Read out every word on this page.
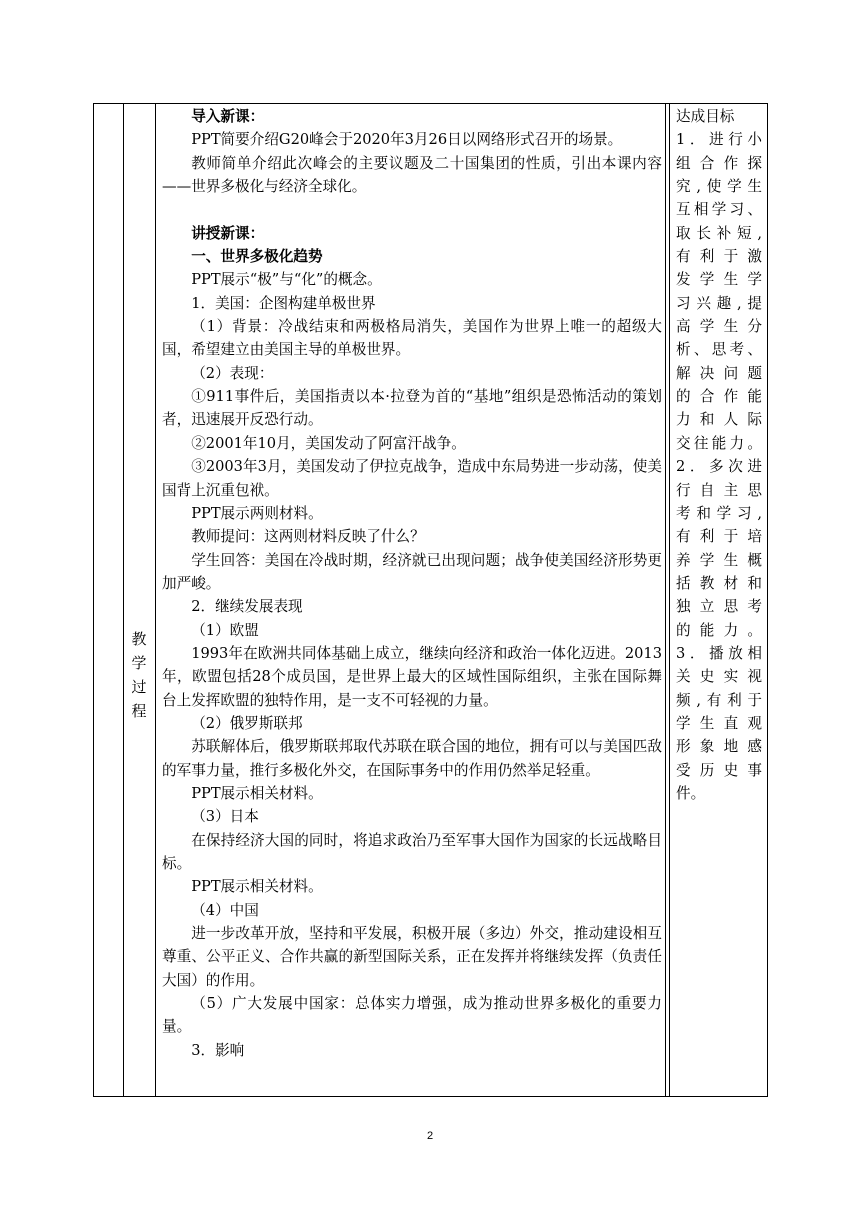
教
学
过
程

导入新课：

PPT简要介绍G20峰会于2020年3月26日以网络形式召开的场景。

教师简单介绍此次峰会的主要议题及二十国集团的性质，引出本课内容——世界多极化与经济全球化。

讲授新课：

一、世界多极化趋势

PPT展示“极”与“化”的概念。

1．美国：企图构建单极世界

（1）背景：冷战结束和两极格局消失，美国作为世界上唯一的超级大国，希望建立由美国主导的单极世界。

（2）表现：

①911事件后，美国指责以本·拉登为首的“基地”组织是恐怖活动的策划者，迅速展开反恐行动。

②2001年10月，美国发动了阿富汗战争。

③2003年3月，美国发动了伊拉克战争，造成中东局势进一步动荡，使美国背上沉重包袱。

PPT展示两则材料。

教师提问：这两则材料反映了什么？

学生回答：美国在冷战时期，经济就已出现问题；战争使美国经济形势更加严峻。

2．继续发展表现

（1）欧盟

1993年在欧洲共同体基础上成立，继续向经济和政治一体化迈进。2013年，欧盟包括28个成员国，是世界上最大的区域性国际组织，主张在国际舞台上发挥欧盟的独特作用，是一支不可轻视的力量。

（2）俄罗斯联邦

苏联解体后，俄罗斯联邦取代苏联在联合国的地位，拥有可以与美国匹敌的军事力量，推行多极化外交，在国际事务中的作用仍然举足轻重。

PPT展示相关材料。

（3）日本

在保持经济大国的同时，将追求政治乃至军事大国作为国家的长远战略目标。

PPT展示相关材料。

（4）中国

进一步改革开放，坚持和平发展，积极开展（多边）外交，推动建设相互尊重、公平正义、合作共赢的新型国际关系，正在发挥并将继续发挥（负责任大国）的作用。

（5）广大发展中国家：总体实力增强，成为推动世界多极化的重要力量。

3．影响

达成目标

1．进行小

组合作探

究,使学生

互相学习、

取长补短,

有利于激

发学生学

习兴趣,提

高学生分

析、思考、

解决问题

的合作能

力和人际

交往能力。

2．多次进

行自主思

考和学习,

有利于培

养学生概

括教材和

独立思考

的能力。

3．播放相

关史实视

频,有利于

学生直观

形象地感

受历史事

件。

2
